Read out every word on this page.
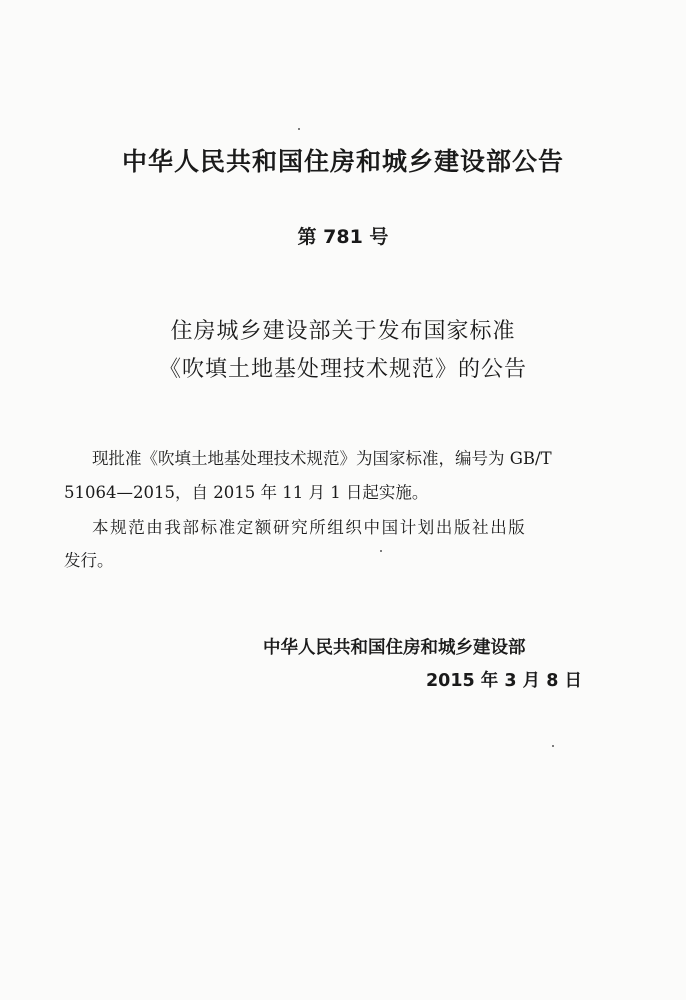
中华人民共和国住房和城乡建设部公告
第 781 号
住房城乡建设部关于发布国家标准
《吹填土地基处理技术规范》的公告
现批准《吹填土地基处理技术规范》为国家标准，编号为 GB/T
51064—2015，自 2015 年 11 月 1 日起实施。
本规范由我部标准定额研究所组织中国计划出版社出版
发行。
中华人民共和国住房和城乡建设部
2015 年 3 月 8 日
